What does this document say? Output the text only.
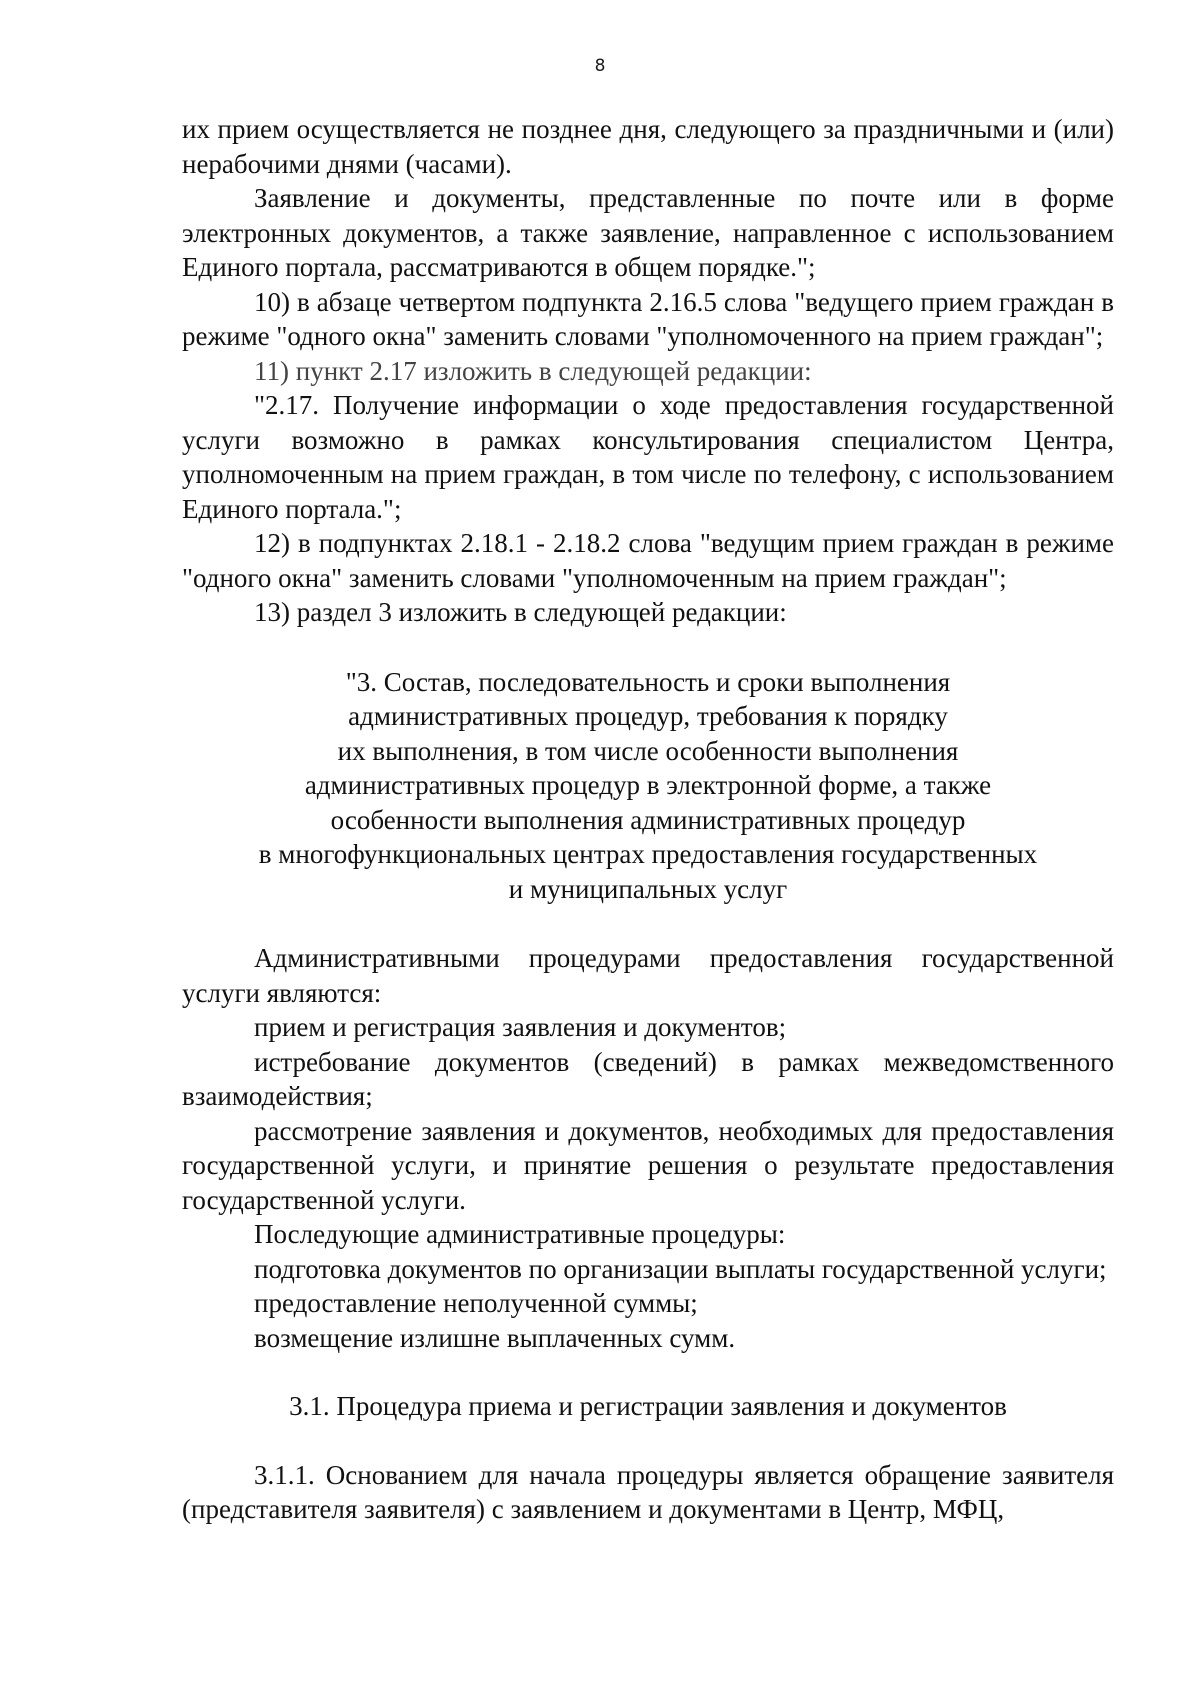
8

их прием осуществляется не позднее дня, следующего за праздничными и (или) нерабочими днями (часами).

Заявление и документы, представленные по почте или в форме электронных документов, а также заявление, направленное с использованием Единого портала, рассматриваются в общем порядке.";

10) в абзаце четвертом подпункта 2.16.5 слова "ведущего прием граждан в режиме "одного окна" заменить словами "уполномоченного на прием граждан";

11) пункт 2.17 изложить в следующей редакции:

"2.17. Получение информации о ходе предоставления государственной услуги возможно в рамках консультирования специалистом Центра, уполномоченным на прием граждан, в том числе по телефону, с использованием Единого портала.";

12) в подпунктах 2.18.1 - 2.18.2 слова "ведущим прием граждан в режиме "одного окна" заменить словами "уполномоченным на прием граждан";

13) раздел 3 изложить в следующей редакции:

"3. Состав, последовательность и сроки выполнения
административных процедур, требования к порядку
их выполнения, в том числе особенности выполнения
административных процедур в электронной форме, а также
особенности выполнения административных процедур
в многофункциональных центрах предоставления государственных
и муниципальных услуг

Административными процедурами предоставления государственной услуги являются:

прием и регистрация заявления и документов;

истребование документов (сведений) в рамках межведомственного взаимодействия;

рассмотрение заявления и документов, необходимых для предоставления государственной услуги, и принятие решения о результате предоставления государственной услуги.

Последующие административные процедуры:

подготовка документов по организации выплаты государственной услуги;

предоставление неполученной суммы;

возмещение излишне выплаченных сумм.

3.1. Процедура приема и регистрации заявления и документов

3.1.1. Основанием для начала процедуры является обращение заявителя (представителя заявителя) с заявлением и документами в Центр, МФЦ,
